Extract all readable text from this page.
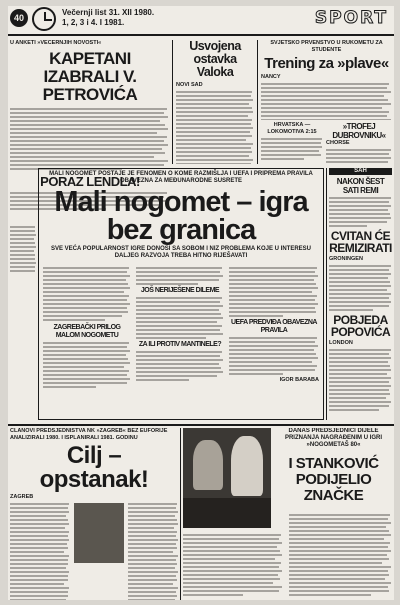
40
Večernji list 31. XII 1980.
1, 2, 3 i 4. I 1981.	SPORT
U ANKETI »VEČERNJIH NOVOSTI«
KAPETANI IZABRALI V. PETROVIĆA
PORAZ LENDLA!
Usvojena ostavka Valoka
NOVI SAD
SVJETSKO PRVENSTVO U RUKOMETU ZA STUDENTE
Trening za »plave«
NANCY
HRVATSKA — LOKOMOTIVA 2:15
»TROFEJ DUBROVNIKU«
CHORSE
MALI NOGOMET POSTAJE JE FENOMEN O KOME RAZMIŠLJA I UEFA I PRIPREMA PRAVILA OBAVEZNA ZA MEĐUNARODNE SUSRETE
Mali nogomet – igra
bez granica
SVE VEĆA POPULARNOST IGRE DONOSI SA SOBOM I NIZ PROBLEMA KOJE U INTERESU DALJEG RAZVOJA TREBA HITNO RIJEŠAVATI
ZAGREBAČKI PRILOG MALOM NOGOMETU
JOŠ NERIJEŠENE DILEME
ZA ILI PROTIV MANTINELE?
UEFA PREDVIĐA OBAVEZNA PRAVILA
IGOR BARABA
ŠAH
NAKON ŠEST SATI REMI
CVITAN ĆE REMIZIRATI
GRONINGEN
POBJEDA POPOVIĆA
LONDON
ČLANOVI PREDSJEDNIŠTVA NK »ZAGREB« BEZ EUFORIJE ANALIZIRALI 1980. I ISPLANIRALI 1981. GODINU
Cilj – opstanak!
ZAGREB
DANAS PREDSJEDNICI DIJELE PRIZNANJA NAGRAĐENIM U IGRI »NOGOMETAŠ 80«
I STANKOVIĆ
PODIJELIO
ZNAČKE
